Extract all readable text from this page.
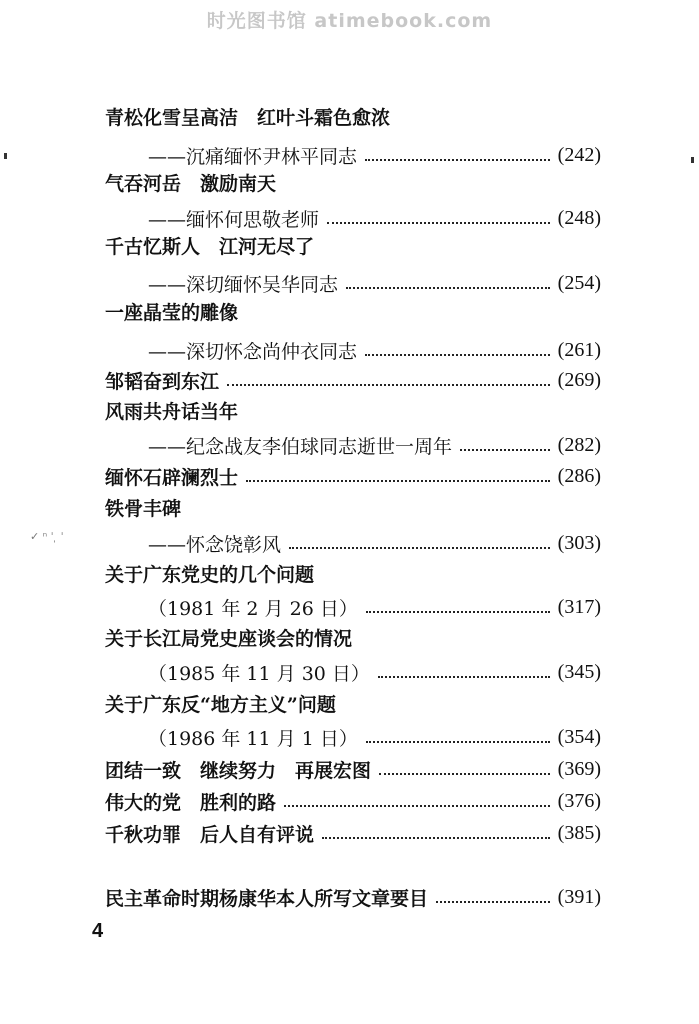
时光图书馆 atimebook.com
青松化雪呈高洁　红叶斗霜色愈浓
——沉痛缅怀尹林平同志	(242)
气吞河岳　激励南天
——缅怀何思敬老师	(248)
千古忆斯人　江河无尽了
——深切缅怀吴华同志	(254)
一座晶莹的雕像
——深切怀念尚仲衣同志	(261)
邹韬奋到东江	(269)
风雨共舟话当年
——纪念战友李伯球同志逝世一周年	(282)
缅怀石辟澜烈士	(286)
铁骨丰碑
——怀念饶彰风	(303)
关于广东党史的几个问题
（1981 年 2 月 26 日）	(317)
关于长江局党史座谈会的情况
（1985 年 11 月 30 日）	(345)
关于广东反“地方主义”问题
（1986 年 11 月 1 日）	(354)
团结一致　继续努力　再展宏图	(369)
伟大的党　胜利的路	(376)
千秋功罪　后人自有评说	(385)
民主革命时期杨康华本人所写文章要目	(391)
4
✓ ⁿ ˈ ̩ ˈ
